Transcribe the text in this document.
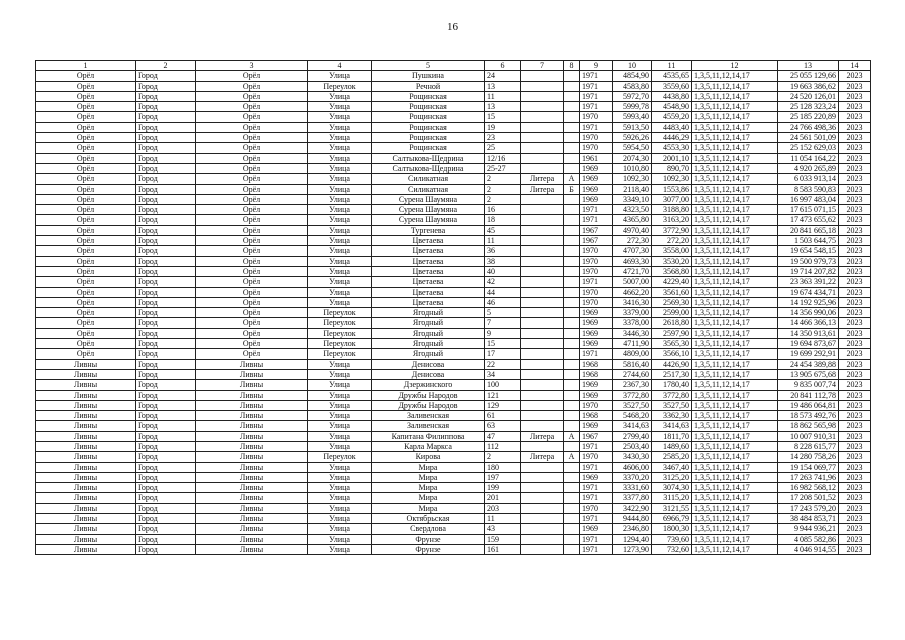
16
1	2	3	4	5	6	7	8	9	10	11	12	13	14
Орёл	Город	Орёл	Улица	Пушкина	24			1971	4854,90	4535,65	1,3,5,11,12,14,17	25 055 129,66	2023
Орёл	Город	Орёл	Переулок	Речной	13			1971	4583,80	3559,60	1,3,5,11,12,14,17	19 663 386,62	2023
Орёл	Город	Орёл	Улица	Рощинская	11			1971	5972,70	4438,80	1,3,5,11,12,14,17	24 520 126,01	2023
Орёл	Город	Орёл	Улица	Рощинская	13			1971	5999,78	4548,90	1,3,5,11,12,14,17	25 128 323,24	2023
Орёл	Город	Орёл	Улица	Рощинская	15			1970	5993,40	4559,20	1,3,5,11,12,14,17	25 185 220,89	2023
Орёл	Город	Орёл	Улица	Рощинская	19			1971	5913,50	4483,40	1,3,5,11,12,14,17	24 766 498,36	2023
Орёл	Город	Орёл	Улица	Рощинская	23			1970	5926,26	4446,29	1,3,5,11,12,14,17	24 561 501,09	2023
Орёл	Город	Орёл	Улица	Рощинская	25			1970	5954,50	4553,30	1,3,5,11,12,14,17	25 152 629,03	2023
Орёл	Город	Орёл	Улица	Салтыкова-Щедрина	12/16			1961	2074,30	2001,10	1,3,5,11,12,14,17	11 054 164,22	2023
Орёл	Город	Орёл	Улица	Салтыкова-Щедрина	25-27			1969	1010,80	890,70	1,3,5,11,12,14,17	4 920 265,89	2023
Орёл	Город	Орёл	Улица	Силикатная	2	Литера	А	1969	1092,30	1092,30	1,3,5,11,12,14,17	6 033 913,14	2023
Орёл	Город	Орёл	Улица	Силикатная	2	Литера	Б	1969	2118,40	1553,86	1,3,5,11,12,14,17	8 583 590,83	2023
Орёл	Город	Орёл	Улица	Сурена Шаумяна	2			1969	3349,10	3077,00	1,3,5,11,12,14,17	16 997 483,04	2023
Орёл	Город	Орёл	Улица	Сурена Шаумяна	16			1971	4323,50	3188,80	1,3,5,11,12,14,17	17 615 071,15	2023
Орёл	Город	Орёл	Улица	Сурена Шаумяна	18			1971	4365,80	3163,20	1,3,5,11,12,14,17	17 473 655,62	2023
Орёл	Город	Орёл	Улица	Тургенева	45			1967	4970,40	3772,90	1,3,5,11,12,14,17	20 841 665,18	2023
Орёл	Город	Орёл	Улица	Цветаева	11			1967	272,30	272,20	1,3,5,11,12,14,17	1 503 644,75	2023
Орёл	Город	Орёл	Улица	Цветаева	36			1970	4707,30	3558,00	1,3,5,11,12,14,17	19 654 548,15	2023
Орёл	Город	Орёл	Улица	Цветаева	38			1970	4693,30	3530,20	1,3,5,11,12,14,17	19 500 979,73	2023
Орёл	Город	Орёл	Улица	Цветаева	40			1970	4721,70	3568,80	1,3,5,11,12,14,17	19 714 207,82	2023
Орёл	Город	Орёл	Улица	Цветаева	42			1971	5007,00	4229,40	1,3,5,11,12,14,17	23 363 391,22	2023
Орёл	Город	Орёл	Улица	Цветаева	44			1970	4662,20	3561,60	1,3,5,11,12,14,17	19 674 434,71	2023
Орёл	Город	Орёл	Улица	Цветаева	46			1970	3416,30	2569,30	1,3,5,11,12,14,17	14 192 925,96	2023
Орёл	Город	Орёл	Переулок	Ягодный	5			1969	3379,00	2599,00	1,3,5,11,12,14,17	14 356 990,06	2023
Орёл	Город	Орёл	Переулок	Ягодный	7			1969	3378,00	2618,80	1,3,5,11,12,14,17	14 466 366,13	2023
Орёл	Город	Орёл	Переулок	Ягодный	9			1969	3446,30	2597,90	1,3,5,11,12,14,17	14 350 913,61	2023
Орёл	Город	Орёл	Переулок	Ягодный	15			1969	4711,90	3565,30	1,3,5,11,12,14,17	19 694 873,67	2023
Орёл	Город	Орёл	Переулок	Ягодный	17			1971	4809,00	3566,10	1,3,5,11,12,14,17	19 699 292,91	2023
Ливны	Город	Ливны	Улица	Денисова	22			1968	5816,40	4426,90	1,3,5,11,12,14,17	24 454 389,88	2023
Ливны	Город	Ливны	Улица	Денисова	34			1968	2744,60	2517,30	1,3,5,11,12,14,17	13 905 675,68	2023
Ливны	Город	Ливны	Улица	Дзержинского	100			1969	2367,30	1780,40	1,3,5,11,12,14,17	9 835 007,74	2023
Ливны	Город	Ливны	Улица	Дружбы Народов	121			1969	3772,80	3772,80	1,3,5,11,12,14,17	20 841 112,78	2023
Ливны	Город	Ливны	Улица	Дружбы Народов	129			1970	3527,50	3527,50	1,3,5,11,12,14,17	19 486 064,81	2023
Ливны	Город	Ливны	Улица	Заливенская	61			1968	5468,20	3362,30	1,3,5,11,12,14,17	18 573 492,76	2023
Ливны	Город	Ливны	Улица	Заливенская	63			1969	3414,63	3414,63	1,3,5,11,12,14,17	18 862 565,98	2023
Ливны	Город	Ливны	Улица	Капитана Филиппова	47	Литера	А	1967	2799,40	1811,70	1,3,5,11,12,14,17	10 007 910,31	2023
Ливны	Город	Ливны	Улица	Карла Маркса	112			1971	2503,40	1489,60	1,3,5,11,12,14,17	8 228 615,77	2023
Ливны	Город	Ливны	Переулок	Кирова	2	Литера	А	1970	3430,30	2585,20	1,3,5,11,12,14,17	14 280 758,26	2023
Ливны	Город	Ливны	Улица	Мира	180			1971	4606,00	3467,40	1,3,5,11,12,14,17	19 154 069,77	2023
Ливны	Город	Ливны	Улица	Мира	197			1969	3370,20	3125,20	1,3,5,11,12,14,17	17 263 741,96	2023
Ливны	Город	Ливны	Улица	Мира	199			1971	3331,60	3074,30	1,3,5,11,12,14,17	16 982 568,12	2023
Ливны	Город	Ливны	Улица	Мира	201			1971	3377,80	3115,20	1,3,5,11,12,14,17	17 208 501,52	2023
Ливны	Город	Ливны	Улица	Мира	203			1970	3422,90	3121,55	1,3,5,11,12,14,17	17 243 579,20	2023
Ливны	Город	Ливны	Улица	Октябрьская	11			1971	9444,80	6966,79	1,3,5,11,12,14,17	38 484 853,71	2023
Ливны	Город	Ливны	Улица	Свердлова	43			1969	2346,80	1800,30	1,3,5,11,12,14,17	9 944 936,21	2023
Ливны	Город	Ливны	Улица	Фрунзе	159			1971	1294,40	739,60	1,3,5,11,12,14,17	4 085 582,86	2023
Ливны	Город	Ливны	Улица	Фрунзе	161			1971	1273,90	732,60	1,3,5,11,12,14,17	4 046 914,55	2023
